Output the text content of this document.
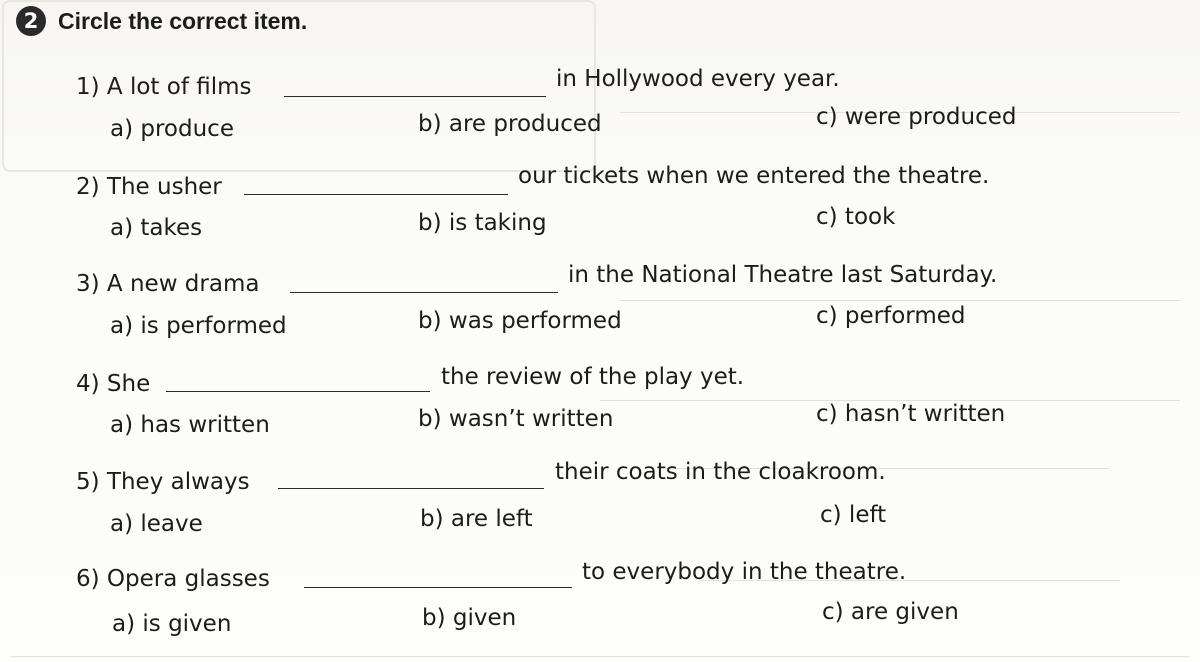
2 Circle the correct item.
1) A lot of films	in Hollywood every year.
a) produce	b) are produced	c) were produced
2) The usher	our tickets when we entered the theatre.
a) takes	b) is taking	c) took
3) A new drama	in the National Theatre last Saturday.
a) is performed	b) was performed	c) performed
4) She	the review of the play yet.
a) has written	b) wasn’t written	c) hasn’t written
5) They always	their coats in the cloakroom.
a) leave	b) are left	c) left
6) Opera glasses	to everybody in the theatre.
a) is given	b) given	c) are given
